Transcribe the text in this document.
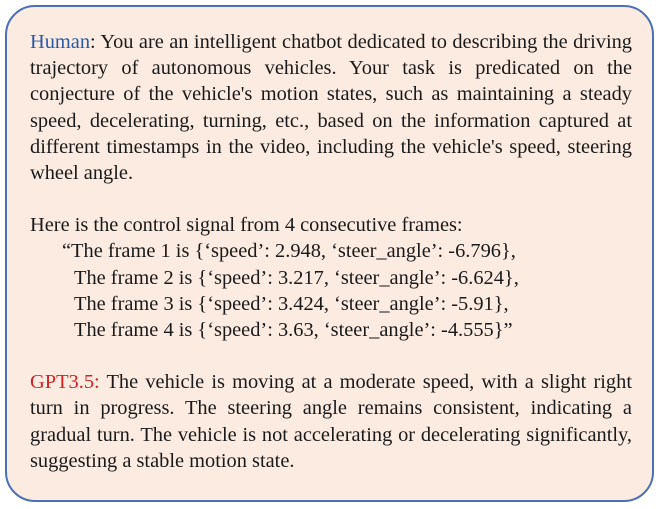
Human: You are an intelligent chatbot dedicated to describing the driving trajectory of autonomous vehicles. Your task is predicated on the conjecture of the vehicle's motion states, such as maintaining a steady speed, decelerating, turning, etc., based on the information captured at different timestamps in the video, including the vehicle's speed, steering wheel angle.

Here is the control signal from 4 consecutive frames:

“The frame 1 is {‘speed’: 2.948, ‘steer_angle’: -6.796},
The frame 2 is {‘speed’: 3.217, ‘steer_angle’: -6.624},
The frame 3 is {‘speed’: 3.424, ‘steer_angle’: -5.91},
The frame 4 is {‘speed’: 3.63, ‘steer_angle’: -4.555}”

GPT3.5: The vehicle is moving at a moderate speed, with a slight right turn in progress. The steering angle remains consistent, indicating a gradual turn. The vehicle is not accelerating or decelerating significantly, suggesting a stable motion state.
